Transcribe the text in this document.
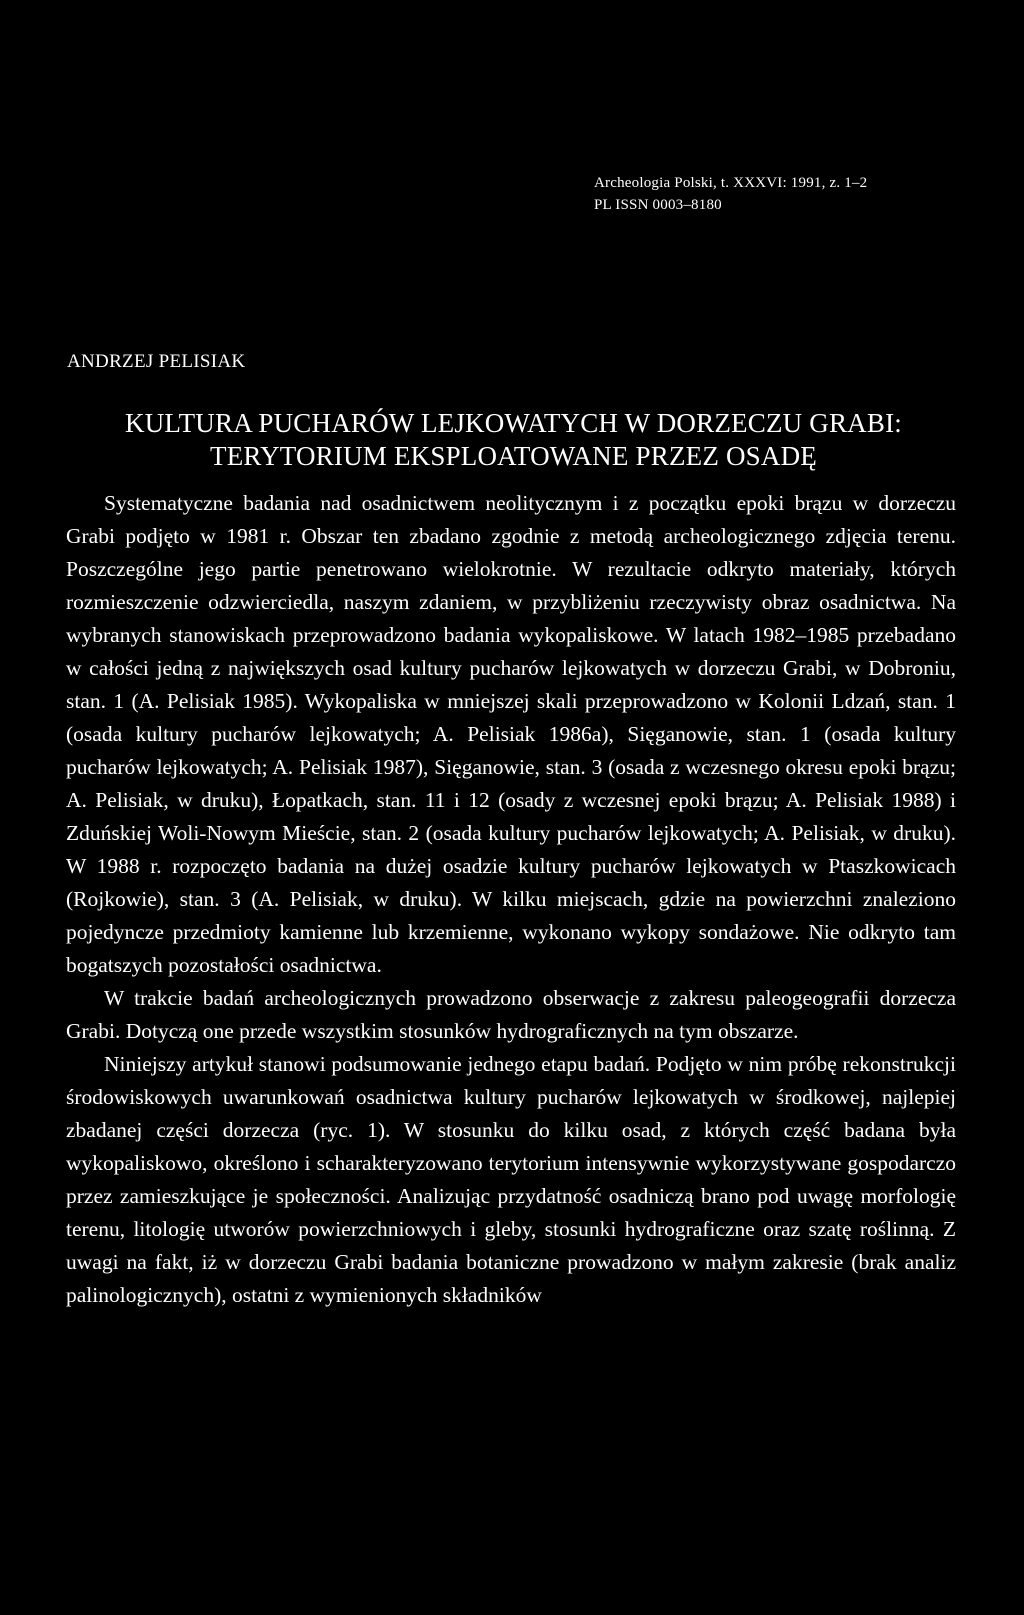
Archeologia Polski, t. XXXVI: 1991, z. 1–2
PL ISSN 0003–8180
ANDRZEJ PELISIAK
KULTURA PUCHARÓW LEJKOWATYCH W DORZECZU GRABI:
TERYTORIUM EKSPLOATOWANE PRZEZ OSADĘ

Systematyczne badania nad osadnictwem neolitycznym i z początku epoki brązu w dorzeczu Grabi podjęto w 1981 r. Obszar ten zbadano zgodnie z metodą archeologicznego zdjęcia terenu. Poszczególne jego partie penetrowano wielokrotnie. W rezultacie odkryto materiały, których rozmieszczenie odzwierciedla, naszym zdaniem, w przybliżeniu rzeczywisty obraz osadnictwa. Na wybranych stanowiskach przeprowadzono badania wykopaliskowe. W latach 1982–1985 przebadano w całości jedną z największych osad kultury pucharów lejkowatych w dorzeczu Grabi, w Dobroniu, stan. 1 (A. Pelisiak 1985). Wykopaliska w mniejszej skali przeprowadzono w Kolonii Ldzań, stan. 1 (osada kultury pucharów lejkowatych; A. Pelisiak 1986a), Sięganowie, stan. 1 (osada kultury pucharów lejkowatych; A. Pelisiak 1987), Sięganowie, stan. 3 (osada z wczesnego okresu epoki brązu; A. Pelisiak, w druku), Łopatkach, stan. 11 i 12 (osady z wczesnej epoki brązu; A. Pelisiak 1988) i Zduńskiej Woli-Nowym Mieście, stan. 2 (osada kultury pucharów lejkowatych; A. Pelisiak, w druku). W 1988 r. rozpoczęto badania na dużej osadzie kultury pucharów lejkowatych w Ptaszkowicach (Rojkowie), stan. 3 (A. Pelisiak, w druku). W kilku miejscach, gdzie na powierzchni znaleziono pojedyncze przedmioty kamienne lub krzemienne, wykonano wykopy sondażowe. Nie odkryto tam bogatszych pozostałości osadnictwa.

W trakcie badań archeologicznych prowadzono obserwacje z zakresu paleogeografii dorzecza Grabi. Dotyczą one przede wszystkim stosunków hydrograficznych na tym obszarze.

Niniejszy artykuł stanowi podsumowanie jednego etapu badań. Podjęto w nim próbę rekonstrukcji środowiskowych uwarunkowań osadnictwa kultury pucharów lejkowatych w środkowej, najlepiej zbadanej części dorzecza (ryc. 1). W stosunku do kilku osad, z których część badana była wykopaliskowo, określono i scharakteryzowano terytorium intensywnie wykorzystywane gospodarczo przez zamieszkujące je społeczności. Analizując przydatność osadniczą brano pod uwagę morfologię terenu, litologię utworów powierzchniowych i gleby, stosunki hydrograficzne oraz szatę roślinną. Z uwagi na fakt, iż w dorzeczu Grabi badania botaniczne prowadzono w małym zakresie (brak analiz palinologicznych), ostatni z wymienionych składników
